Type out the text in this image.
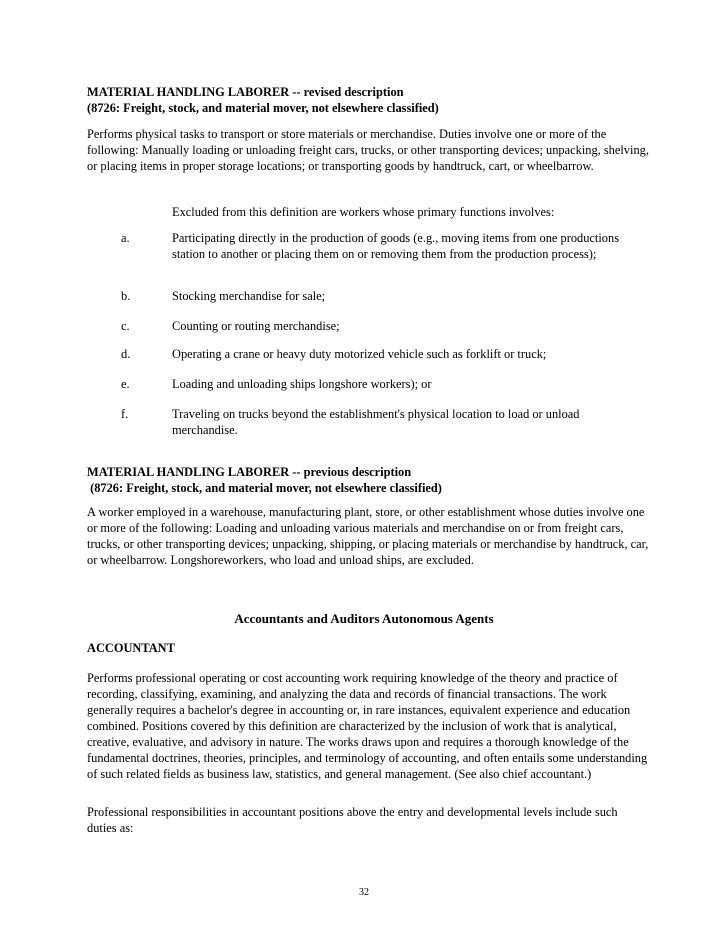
MATERIAL HANDLING LABORER -- revised description
(8726: Freight, stock, and material mover, not elsewhere classified)

Performs physical tasks to transport or store materials or merchandise. Duties involve one or more of the following: Manually loading or unloading freight cars, trucks, or other transporting devices; unpacking, shelving, or placing items in proper storage locations; or transporting goods by handtruck, cart, or wheelbarrow.

Excluded from this definition are workers whose primary functions involves:

a.	Participating directly in the production of goods (e.g., moving items from one productions station to another or placing them on or removing them from the production process);
b.	Stocking merchandise for sale;
c.	Counting or routing merchandise;
d.	Operating a crane or heavy duty motorized vehicle such as forklift or truck;
e.	Loading and unloading ships longshore workers); or
f.	Traveling on trucks beyond the establishment's physical location to load or unload merchandise.
MATERIAL HANDLING LABORER -- previous description
(8726: Freight, stock, and material mover, not elsewhere classified)

A worker employed in a warehouse, manufacturing plant, store, or other establishment whose duties involve one or more of the following: Loading and unloading various materials and merchandise on or from freight cars, trucks, or other transporting devices; unpacking, shipping, or placing materials or merchandise by handtruck, car, or wheelbarrow. Longshoreworkers, who load and unload ships, are excluded.

Accountants and Auditors Autonomous Agents
ACCOUNTANT

Performs professional operating or cost accounting work requiring knowledge of the theory and practice of recording, classifying, examining, and analyzing the data and records of financial transactions. The work generally requires a bachelor's degree in accounting or, in rare instances, equivalent experience and education combined. Positions covered by this definition are characterized by the inclusion of work that is analytical, creative, evaluative, and advisory in nature. The works draws upon and requires a thorough knowledge of the fundamental doctrines, theories, principles, and terminology of accounting, and often entails some understanding of such related fields as business law, statistics, and general management. (See also chief accountant.)

Professional responsibilities in accountant positions above the entry and developmental levels include such duties as:

32
